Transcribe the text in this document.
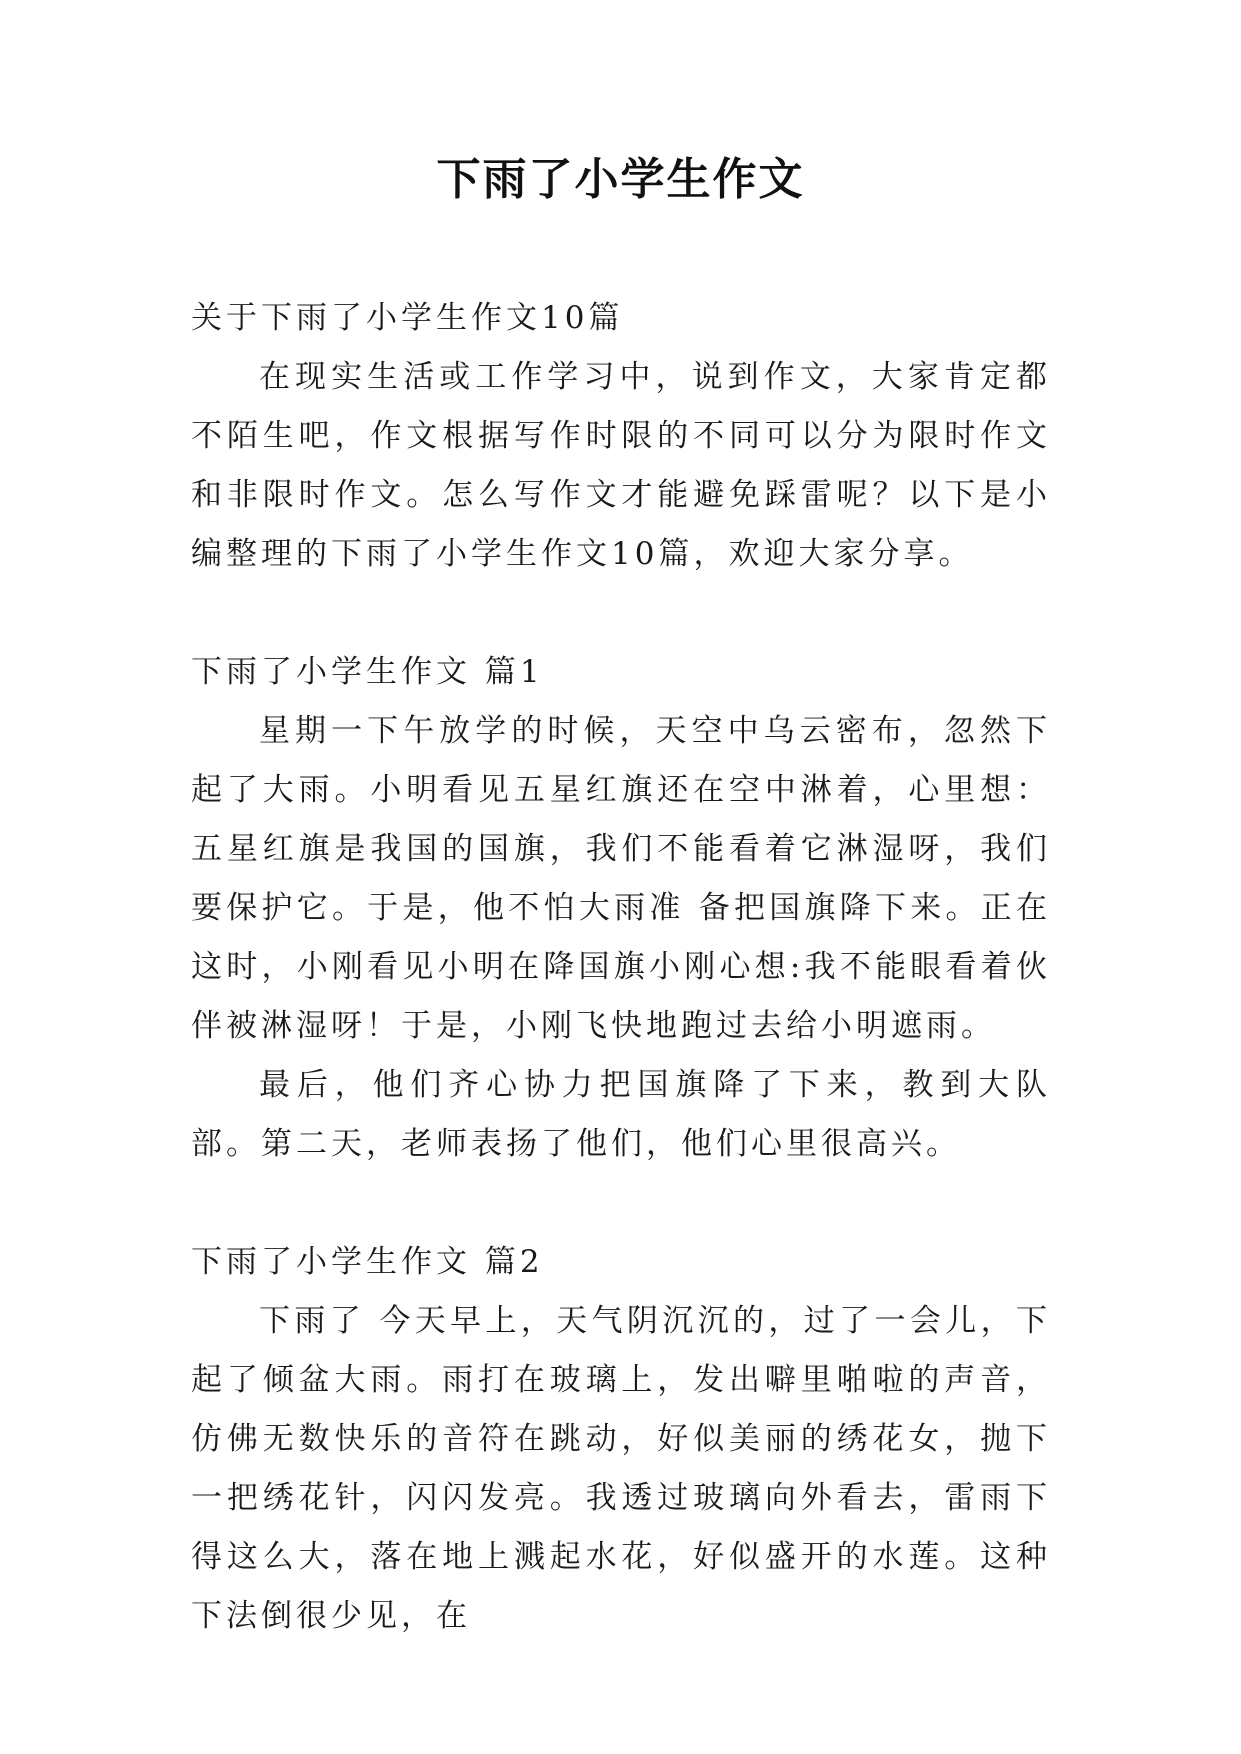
下雨了小学生作文

关于下雨了小学生作文10篇

在现实生活或工作学习中，说到作文，大家肯定都不陌生吧，作文根据写作时限的不同可以分为限时作文和非限时作文。怎么写作文才能避免踩雷呢？以下是小编整理的下雨了小学生作文10篇，欢迎大家分享。

下雨了小学生作文 篇1

星期一下午放学的时候，天空中乌云密布，忽然下起了大雨。小明看见五星红旗还在空中淋着，心里想：五星红旗是我国的国旗，我们不能看着它淋湿呀，我们要保护它。于是，他不怕大雨准 备把国旗降下来。正在这时，小刚看见小明在降国旗小刚心想:我不能眼看着伙伴被淋湿呀！于是，小刚飞快地跑过去给小明遮雨。

最后，他们齐心协力把国旗降了下来，教到大队部。第二天，老师表扬了他们，他们心里很高兴。

下雨了小学生作文 篇2

下雨了 今天早上，天气阴沉沉的，过了一会儿，下起了倾盆大雨。雨打在玻璃上，发出噼里啪啦的声音，仿佛无数快乐的音符在跳动，好似美丽的绣花女，抛下一把绣花针，闪闪发亮。我透过玻璃向外看去，雷雨下得这么大，落在地上溅起水花，好似盛开的水莲。这种下法倒很少见，在
